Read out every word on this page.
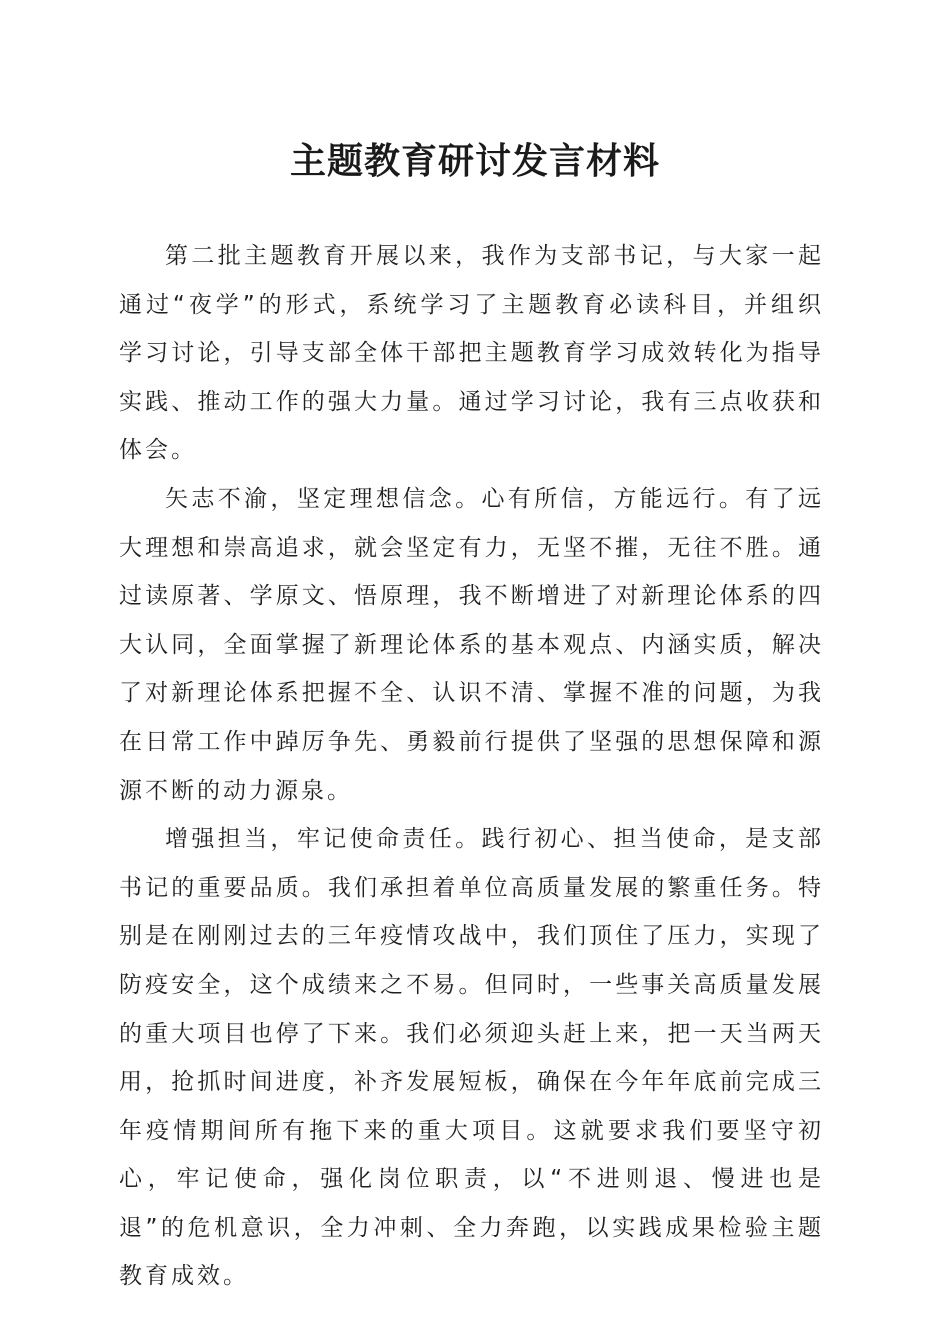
主题教育研讨发言材料

第二批主题教育开展以来，我作为支部书记，与大家一起通过“夜学”的形式，系统学习了主题教育必读科目，并组织学习讨论，引导支部全体干部把主题教育学习成效转化为指导实践、推动工作的强大力量。通过学习讨论，我有三点收获和体会。

矢志不渝，坚定理想信念。心有所信，方能远行。有了远大理想和崇高追求，就会坚定有力，无坚不摧，无往不胜。通过读原著、学原文、悟原理，我不断增进了对新理论体系的四大认同，全面掌握了新理论体系的基本观点、内涵实质，解决了对新理论体系把握不全、认识不清、掌握不准的问题，为我在日常工作中踔厉争先、勇毅前行提供了坚强的思想保障和源源不断的动力源泉。

增强担当，牢记使命责任。践行初心、担当使命，是支部书记的重要品质。我们承担着单位高质量发展的繁重任务。特别是在刚刚过去的三年疫情攻战中，我们顶住了压力，实现了防疫安全，这个成绩来之不易。但同时，一些事关高质量发展的重大项目也停了下来。我们必须迎头赶上来，把一天当两天用，抢抓时间进度，补齐发展短板，确保在今年年底前完成三年疫情期间所有拖下来的重大项目。这就要求我们要坚守初心，牢记使命，强化岗位职责，以“不进则退、慢进也是退”的危机意识，全力冲刺、全力奔跑，以实践成果检验主题教育成效。
